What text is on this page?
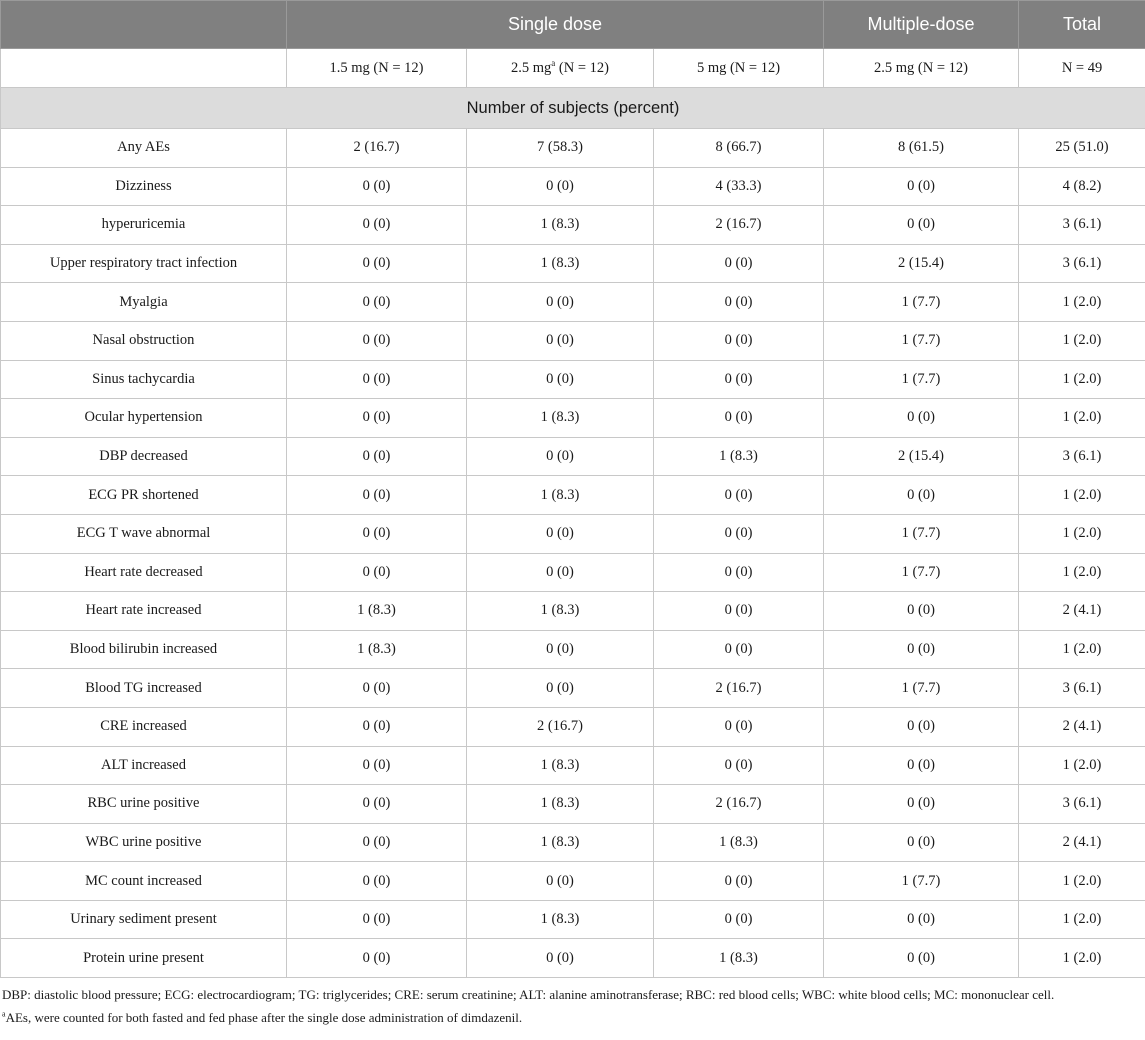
	Single dose			Multiple-dose	Total
	1.5 mg (N = 12)	2.5 $mg^a$ (N = 12)	5 mg (N = 12)	2.5 mg (N = 12)	N = 49
Number of subjects (percent)					
Any AEs	2 (16.7)	7 (58.3)	8 (66.7)	8 (61.5)	25 (51.0)
Dizziness	0 (0)	0 (0)	4 (33.3)	0 (0)	4 (8.2)
hyperuricemia	0 (0)	1 (8.3)	2 (16.7)	0 (0)	3 (6.1)
Upper respiratory tract infection	0 (0)	1 (8.3)	0 (0)	2 (15.4)	3 (6.1)
Myalgia	0 (0)	0 (0)	0 (0)	1 (7.7)	1 (2.0)
Nasal obstruction	0 (0)	0 (0)	0 (0)	1 (7.7)	1 (2.0)
Sinus tachycardia	0 (0)	0 (0)	0 (0)	1 (7.7)	1 (2.0)
Ocular hypertension	0 (0)	1 (8.3)	0 (0)	0 (0)	1 (2.0)
DBP decreased	0 (0)	0 (0)	1 (8.3)	2 (15.4)	3 (6.1)
ECG PR shortened	0 (0)	1 (8.3)	0 (0)	0 (0)	1 (2.0)
ECG T wave abnormal	0 (0)	0 (0)	0 (0)	1 (7.7)	1 (2.0)
Heart rate decreased	0 (0)	0 (0)	0 (0)	1 (7.7)	1 (2.0)
Heart rate increased	1 (8.3)	1 (8.3)	0 (0)	0 (0)	2 (4.1)
Blood bilirubin increased	1 (8.3)	0 (0)	0 (0)	0 (0)	1 (2.0)
Blood TG increased	0 (0)	0 (0)	2 (16.7)	1 (7.7)	3 (6.1)
CRE increased	0 (0)	2 (16.7)	0 (0)	0 (0)	2 (4.1)
ALT increased	0 (0)	1 (8.3)	0 (0)	0 (0)	1 (2.0)
RBC urine positive	0 (0)	1 (8.3)	2 (16.7)	0 (0)	3 (6.1)
WBC urine positive	0 (0)	1 (8.3)	1 (8.3)	0 (0)	2 (4.1)
MC count increased	0 (0)	0 (0)	0 (0)	1 (7.7)	1 (2.0)
Urinary sediment present	0 (0)	1 (8.3)	0 (0)	0 (0)	1 (2.0)
Protein urine present	0 (0)	0 (0)	1 (8.3)	0 (0)	1 (2.0)

DBP: diastolic blood pressure; ECG: electrocardiogram; TG: triglycerides; CRE: serum creatinine; ALT: alanine aminotransferase; RBC: red blood cells; WBC: white blood cells; MC: mononuclear cell.

$^a$AEs, were counted for both fasted and fed phase after the single dose administration of dimdazenil.
